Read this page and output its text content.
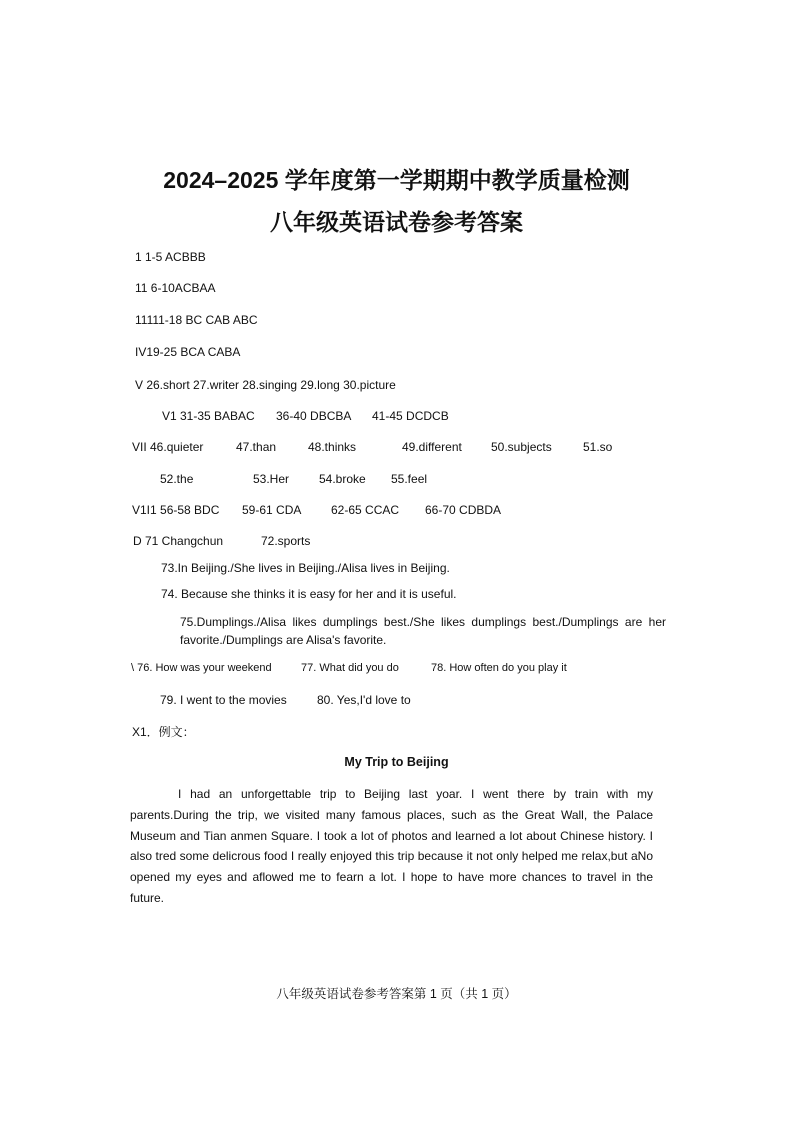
2024–2025 学年度第一学期期中教学质量检测
八年级英语试卷参考答案
1 1-5 ACBBB
11 6-10ACBAA
11111-18 BC CAB ABC
IV19-25 BCA CABA
V 26.short 27.writer 28.singing 29.long 30.picture
V1 31-35 BABAC 36-40 DBCBA 41-45 DCDCB
VII 46.quieter	47.than	48.thinks	49.different 50.subjects	51.so
52.the	53.Her 54.broke 55.feel
V1I1 56-58 BDC 59-61 CDA 62-65 CCAC 66-70 CDBDA
D 71 Changchun	72.sports
73.In Beijing./She lives in Beijing./Alisa lives in Beijing.
74. Because she thinks it is easy for her and it is useful.
75.Dumplings./Alisa likes dumplings best./She likes dumplings best./Dumplings are her favorite./Dumplings are Alisa's favorite.
\ 76. How was your weekend	77. What did you do	78. How often do you play it
79. I went to the movies	80. Yes,I'd love to
X1．例文：
My Trip to Beijing
I had an unforgettable trip to Beijing last yoar. I went there by train with my parents.During the trip, we visited many famous places, such as the Great Wall, the Palace Museum and Tian anmen Square. I took a lot of photos and learned a lot about Chinese history. I also tred some delicrous food I really enjoyed this trip because it not only helped me relax,but aNo opened my eyes and aflowed me to fearn a lot. I hope to have more chances to travel in the future.
八年级英语试卷参考答案第 1 页（共 1 页）
